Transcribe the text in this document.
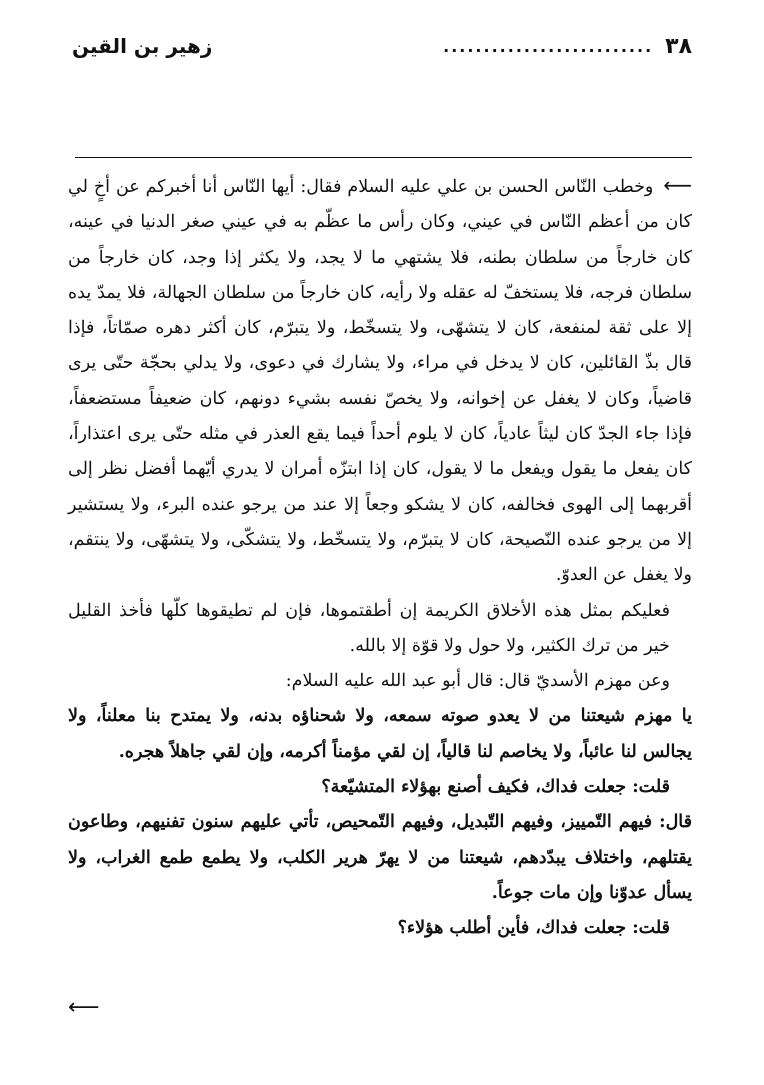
٣٨
..........................
زهير بن القين

⟵ وخطب النّاس الحسن بن علي عليه السلام فقال: أيها النّاس أنا أخبركم عن أخٍ لي كان من أعظم النّاس في عيني، وكان رأس ما عظّم به في عيني صغر الدنيا في عينه، كان خارجاً من سلطان بطنه، فلا يشتهي ما لا يجد، ولا يكثر إذا وجد، كان خارجاً من سلطان فرجه، فلا يستخفّ له عقله ولا رأيه، كان خارجاً من سلطان الجهالة، فلا يمدّ يده إلا على ثقة لمنفعة، كان لا يتشهّى، ولا يتسخّط، ولا يتبرّم، كان أكثر دهره صمّاتاً، فإذا قال بذّ القائلين، كان لا يدخل في مراء، ولا يشارك في دعوى، ولا يدلي بحجّة حتّى يرى قاضياً، وكان لا يغفل عن إخوانه، ولا يخصّ نفسه بشيء دونهم، كان ضعيفاً مستضعفاً، فإذا جاء الجدّ كان ليثاً عادياً، كان لا يلوم أحداً فيما يقع العذر في مثله حتّى يرى اعتذاراً، كان يفعل ما يقول ويفعل ما لا يقول، كان إذا ابتزّه أمران لا يدري أيّهما أفضل نظر إلى أقربهما إلى الهوى فخالفه، كان لا يشكو وجعاً إلا عند من يرجو عنده البرء، ولا يستشير إلا من يرجو عنده النّصيحة، كان لا يتبرّم، ولا يتسخّط، ولا يتشكّى، ولا يتشهّى، ولا ينتقم، ولا يغفل عن العدوّ.

فعليكم بمثل هذه الأخلاق الكريمة إن أطقتموها، فإن لم تطيقوها كلّها فأخذ القليل خير من ترك الكثير، ولا حول ولا قوّة إلا بالله.

وعن مهزم الأسديّ قال: قال أبو عبد الله عليه السلام:

يا مهزم شيعتنا من لا يعدو صوته سمعه، ولا شحناؤه بدنه، ولا يمتدح بنا معلناً، ولا يجالس لنا عائباً، ولا يخاصم لنا قالياً، إن لقي مؤمناً أكرمه، وإن لقي جاهلاً هجره.

قلت: جعلت فداك، فكيف أصنع بهؤلاء المتشيّعة؟

قال: فيهم التّمييز، وفيهم التّبديل، وفيهم التّمحيص، تأتي عليهم سنون تفنيهم، وطاعون يقتلهم، واختلاف يبدّدهم، شيعتنا من لا يهرّ هرير الكلب، ولا يطمع طمع الغراب، ولا يسأل عدوّنا وإن مات جوعاً.

قلت: جعلت فداك، فأين أطلب هؤلاء؟

⟵
